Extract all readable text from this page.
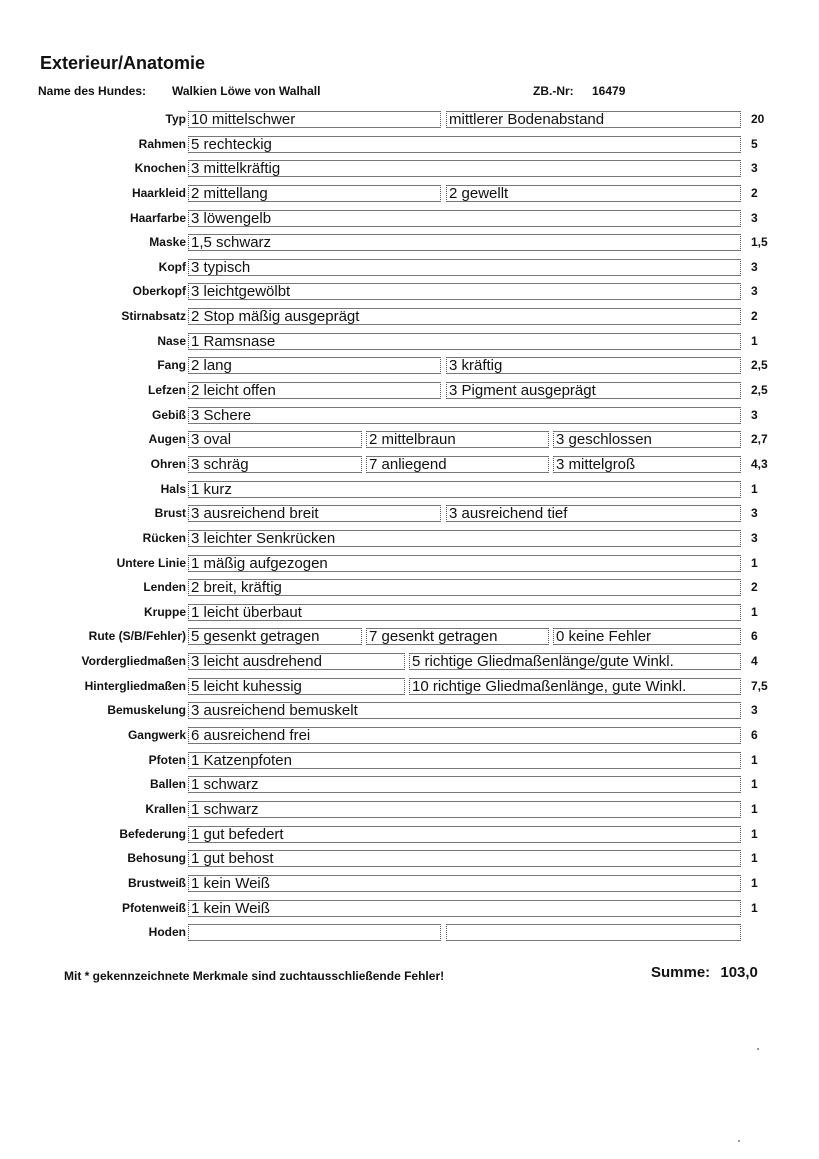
Exterieur/Anatomie
Name des Hundes: Walkien Löwe von Walhall	ZB.-Nr: 16479
Typ 10 mittelschwer	mittlerer Bodenabstand	20
Rahmen 5 rechteckig	5
Knochen 3 mittelkräftig	3
Haarkleid 2 mittellang	2 gewellt	2
Haarfarbe 3 löwengelb	3
Maske 1,5 schwarz	1,5
Kopf 3 typisch	3
Oberkopf 3 leichtgewölbt	3
Stirnabsatz 2 Stop mäßig ausgeprägt	2
Nase 1 Ramsnase	1
Fang 2 lang	3 kräftig	2,5
Lefzen 2 leicht offen	3 Pigment ausgeprägt	2,5
Gebiß 3 Schere	3
Augen 3 oval	2 mittelbraun	3 geschlossen	2,7
Ohren 3 schräg	7 anliegend	3 mittelgroß	4,3
Hals 1 kurz	1
Brust 3 ausreichend breit	3 ausreichend tief	3
Rücken 3 leichter Senkrücken	3
Untere Linie 1 mäßig aufgezogen	1
Lenden 2 breit, kräftig	2
Kruppe 1 leicht überbaut	1
Rute (S/B/Fehler) 5 gesenkt getragen	7 gesenkt getragen	0 keine Fehler	6
Vordergliedmaßen 3 leicht ausdrehend	5 richtige Gliedmaßenlänge/gute Winkl.	4
Hintergliedmaßen 5 leicht kuhessig	10 richtige Gliedmaßenlänge, gute Winkl.	7,5
Bemuskelung 3 ausreichend bemuskelt	3
Gangwerk 6 ausreichend frei	6
Pfoten 1 Katzenpfoten	1
Ballen 1 schwarz	1
Krallen 1 schwarz	1
Befederung 1 gut befedert	1
Behosung 1 gut behost	1
Brustweiß 1 kein Weiß	1
Pfotenweiß 1 kein Weiß	1
Hoden
Mit * gekennzeichnete Merkmale sind zuchtausschließende Fehler!	Summe: 103,0
